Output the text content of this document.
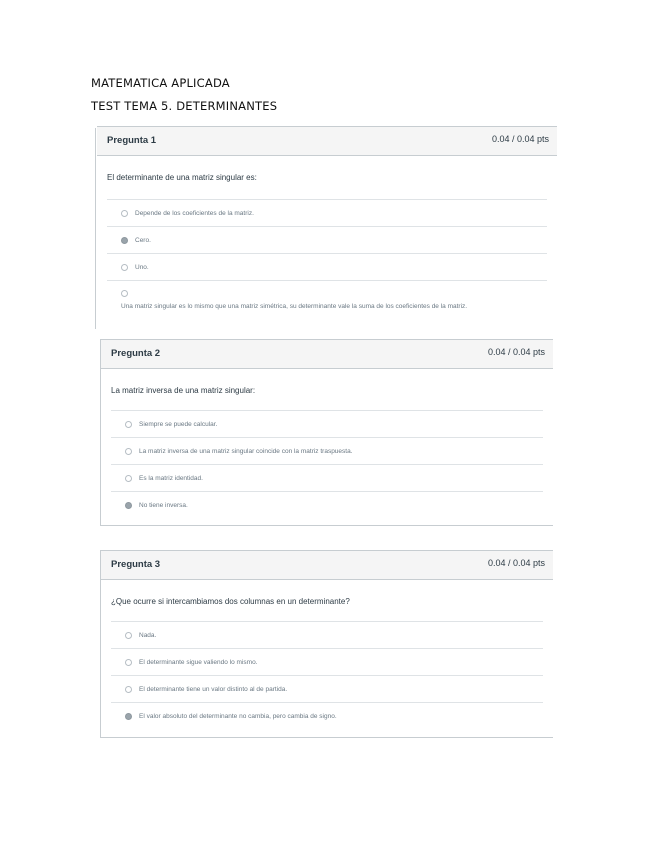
MATEMATICA APLICADA
TEST TEMA 5. DETERMINANTES
Pregunta 1	0.04 / 0.04 pts
El determinante de una matriz singular es:
Depende de los coeficientes de la matriz.
Cero.
Uno.
Una matriz singular es lo mismo que una matriz simétrica, su determinante vale la suma de los coeficientes de la matriz.
Pregunta 2	0.04 / 0.04 pts
La matriz inversa de una matriz singular:
Siempre se puede calcular.
La matriz inversa de una matriz singular coincide con la matriz traspuesta.
Es la matriz identidad.
No tiene inversa.
Pregunta 3	0.04 / 0.04 pts
¿Que ocurre si intercambiamos dos columnas en un determinante?
Nada.
El determinante sigue valiendo lo mismo.
El determinante tiene un valor distinto al de partida.
El valor absoluto del determinante no cambia, pero cambia de signo.
